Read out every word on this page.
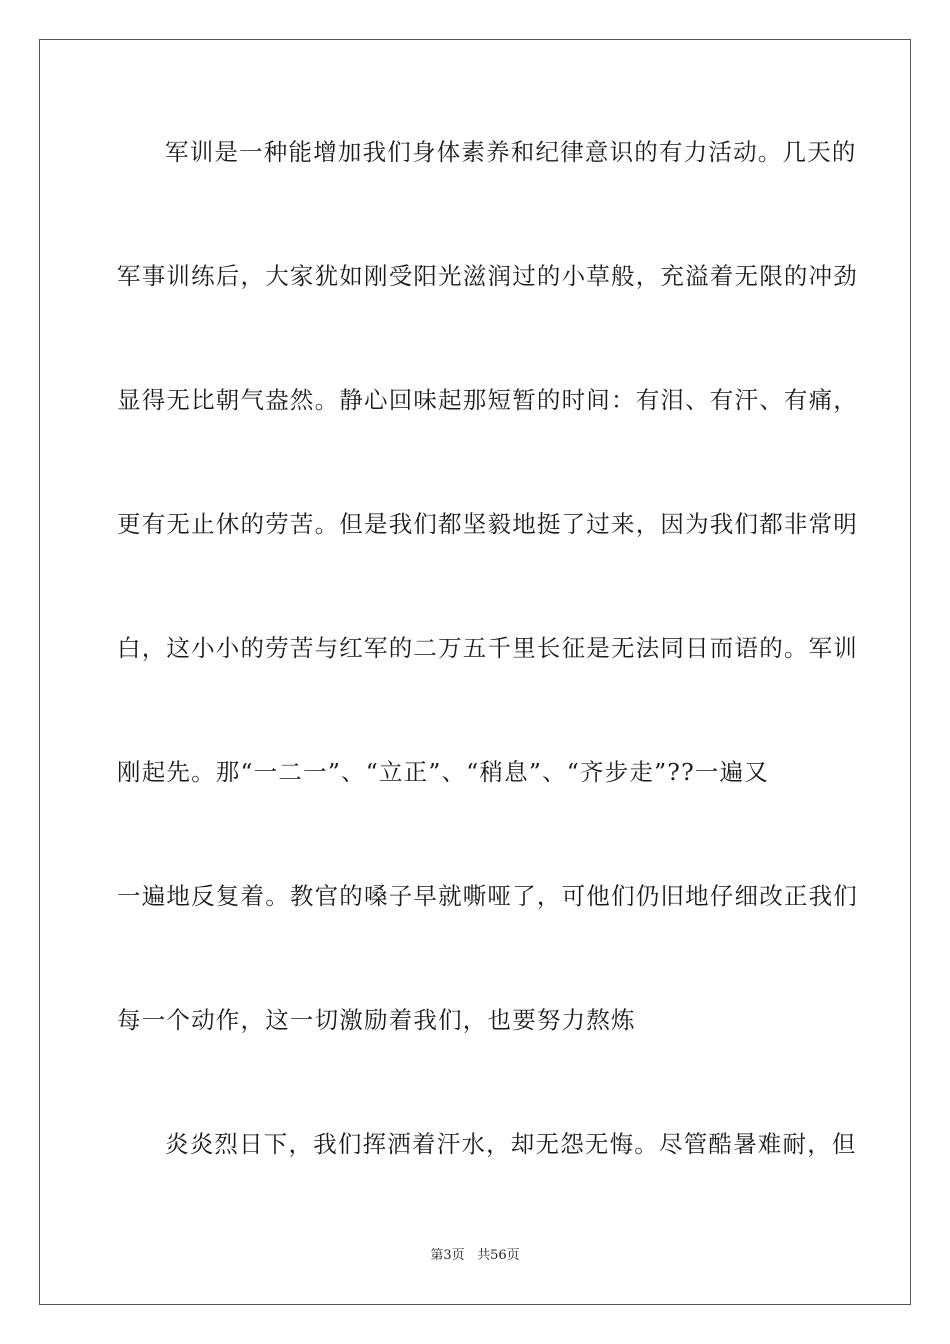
军训是一种能增加我们身体素养和纪律意识的有力活动。几天的
军事训练后，大家犹如刚受阳光滋润过的小草般，充溢着无限的冲劲
显得无比朝气盎然。静心回味起那短暂的时间：有泪、有汗、有痛，
更有无止休的劳苦。但是我们都坚毅地挺了过来，因为我们都非常明
白，这小小的劳苦与红军的二万五千里长征是无法同日而语的。军训
刚起先。那“一二一”、“立正”、“稍息”、“齐步走”??一遍又
一遍地反复着。教官的嗓子早就嘶哑了，可他们仍旧地仔细改正我们
每一个动作，这一切激励着我们，也要努力熬炼
炎炎烈日下，我们挥洒着汗水，却无怨无悔。尽管酷暑难耐，但
第3页 共56页
